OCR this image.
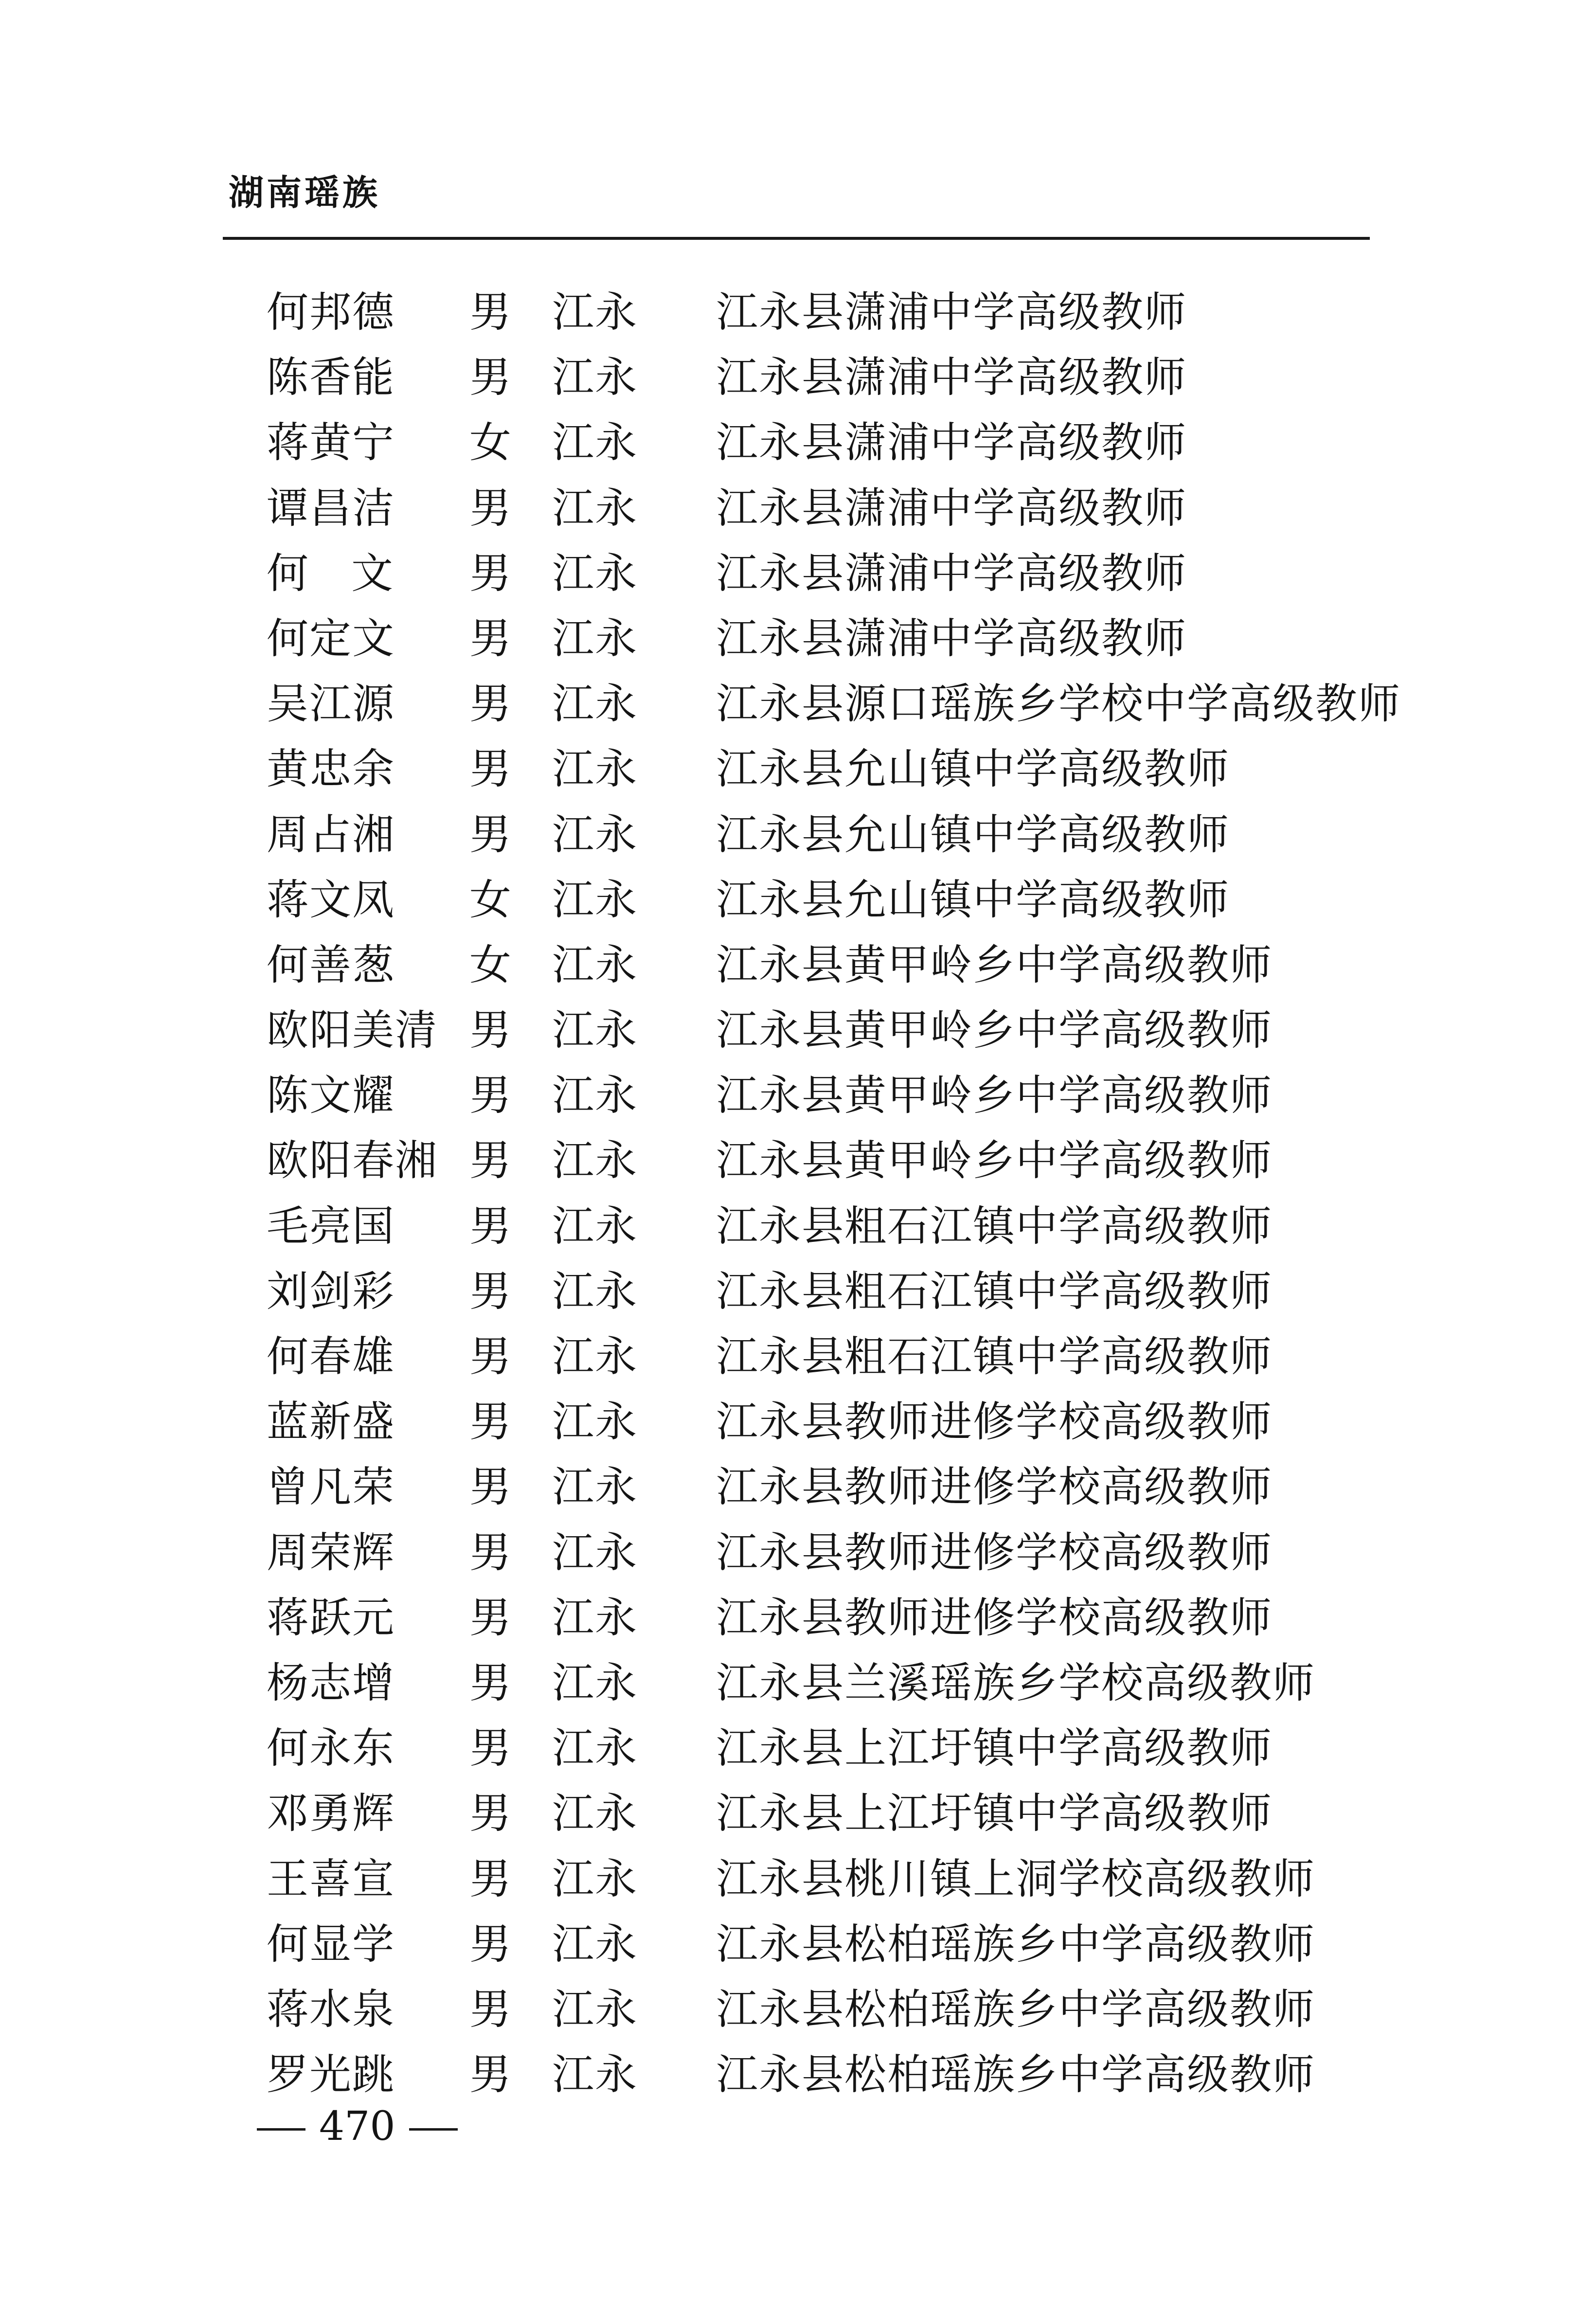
湖南瑶族
何邦德 男 江永 江永县潇浦中学高级教师
陈香能 男 江永 江永县潇浦中学高级教师
蒋黄宁 女 江永 江永县潇浦中学高级教师
谭昌洁 男 江永 江永县潇浦中学高级教师
何文 男 江永 江永县潇浦中学高级教师
何定文 男 江永 江永县潇浦中学高级教师
吴江源 男 江永 江永县源口瑶族乡学校中学高级教师
黄忠余 男 江永 江永县允山镇中学高级教师
周占湘 男 江永 江永县允山镇中学高级教师
蒋文凤 女 江永 江永县允山镇中学高级教师
何善葱 女 江永 江永县黄甲岭乡中学高级教师
欧阳美清 男 江永 江永县黄甲岭乡中学高级教师
陈文耀 男 江永 江永县黄甲岭乡中学高级教师
欧阳春湘 男 江永 江永县黄甲岭乡中学高级教师
毛亮国 男 江永 江永县粗石江镇中学高级教师
刘剑彩 男 江永 江永县粗石江镇中学高级教师
何春雄 男 江永 江永县粗石江镇中学高级教师
蓝新盛 男 江永 江永县教师进修学校高级教师
曾凡荣 男 江永 江永县教师进修学校高级教师
周荣辉 男 江永 江永县教师进修学校高级教师
蒋跃元 男 江永 江永县教师进修学校高级教师
杨志增 男 江永 江永县兰溪瑶族乡学校高级教师
何永东 男 江永 江永县上江圩镇中学高级教师
邓勇辉 男 江永 江永县上江圩镇中学高级教师
王喜宣 男 江永 江永县桃川镇上洞学校高级教师
何显学 男 江永 江永县松柏瑶族乡中学高级教师
蒋水泉 男 江永 江永县松柏瑶族乡中学高级教师
罗光跳 男 江永 江永县松柏瑶族乡中学高级教师
470
